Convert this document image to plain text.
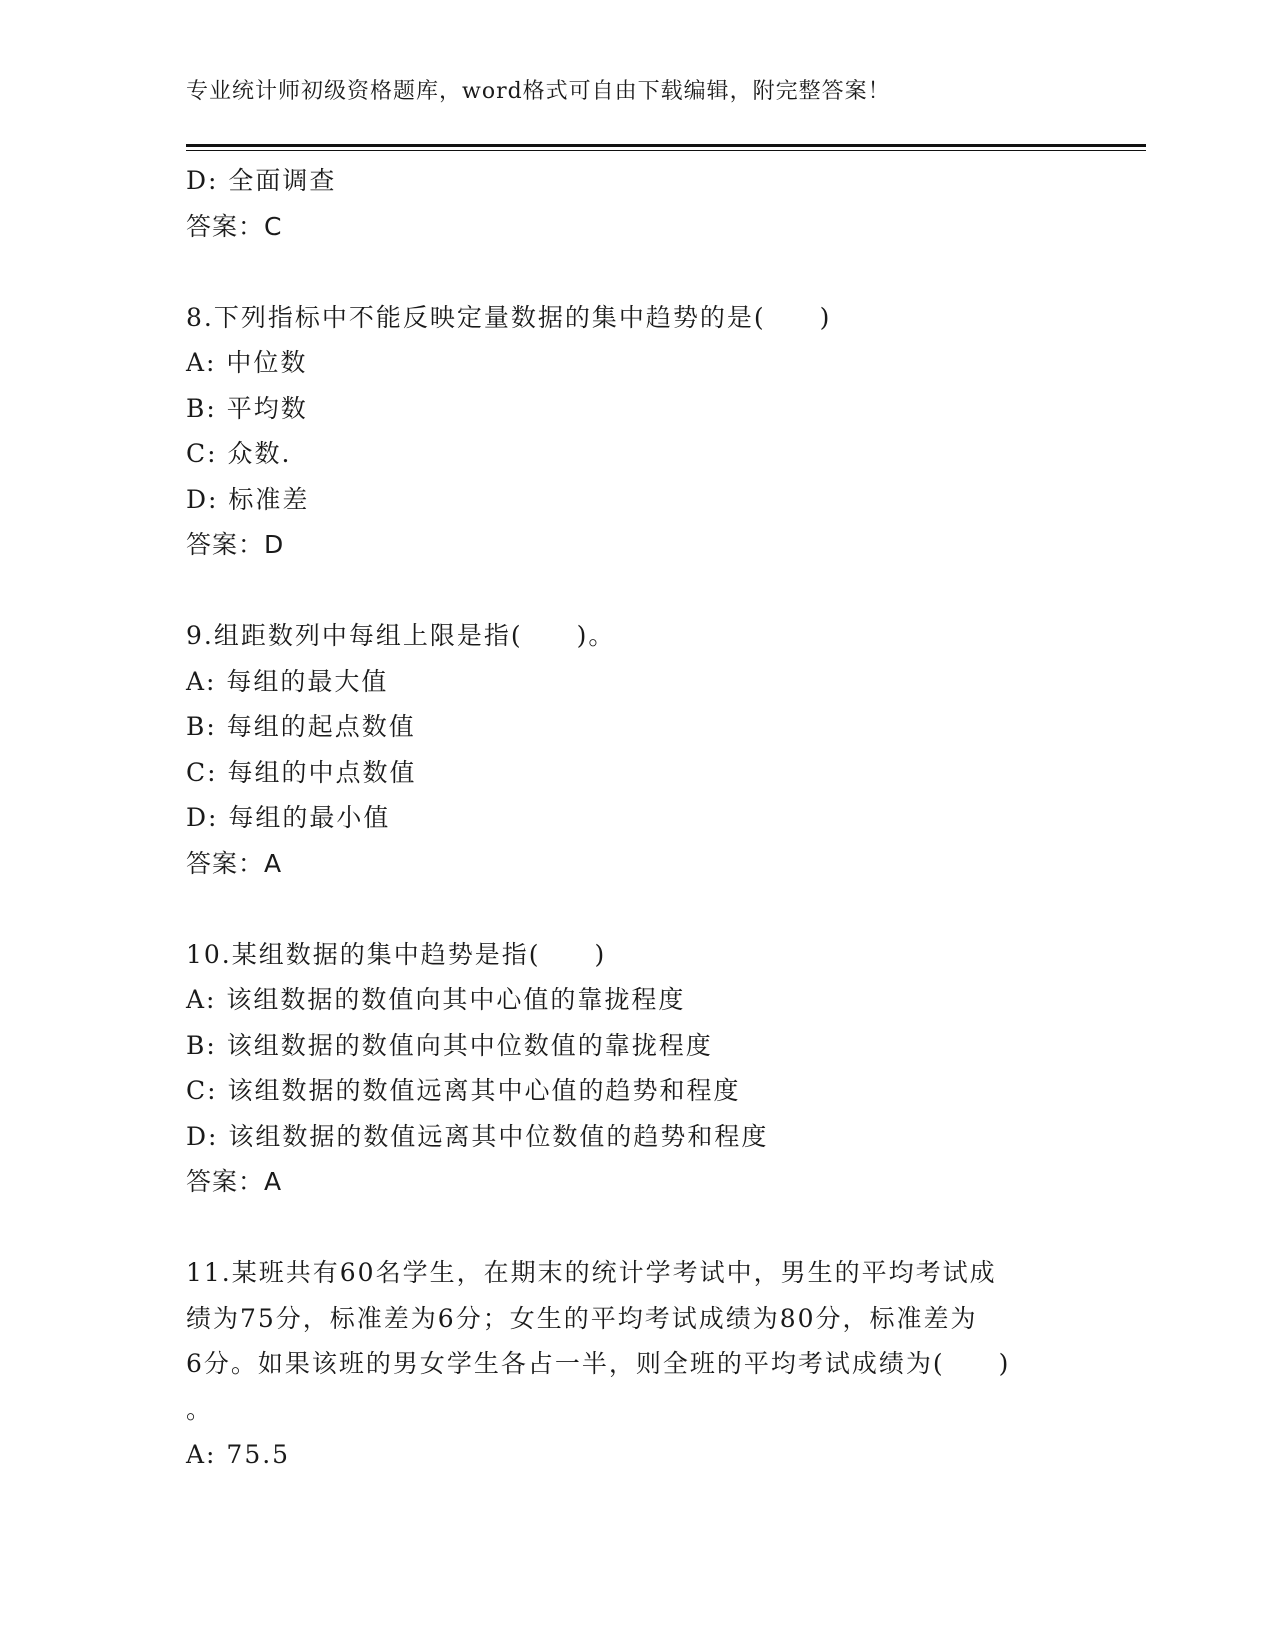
专业统计师初级资格题库，word格式可自由下载编辑，附完整答案！
D: 全面调查
答案：C
8.下列指标中不能反映定量数据的集中趋势的是(　　)
A: 中位数
B: 平均数
C: 众数.
D: 标准差
答案：D
9.组距数列中每组上限是指(　　)。
A: 每组的最大值
B: 每组的起点数值
C: 每组的中点数值
D: 每组的最小值
答案：A
10.某组数据的集中趋势是指(　　)
A: 该组数据的数值向其中心值的靠拢程度
B: 该组数据的数值向其中位数值的靠拢程度
C: 该组数据的数值远离其中心值的趋势和程度
D: 该组数据的数值远离其中位数值的趋势和程度
答案：A
11.某班共有60名学生，在期末的统计学考试中，男生的平均考试成
绩为75分，标准差为6分；女生的平均考试成绩为80分，标准差为
6分。如果该班的男女学生各占一半，则全班的平均考试成绩为(　　)
。
A: 75.5
